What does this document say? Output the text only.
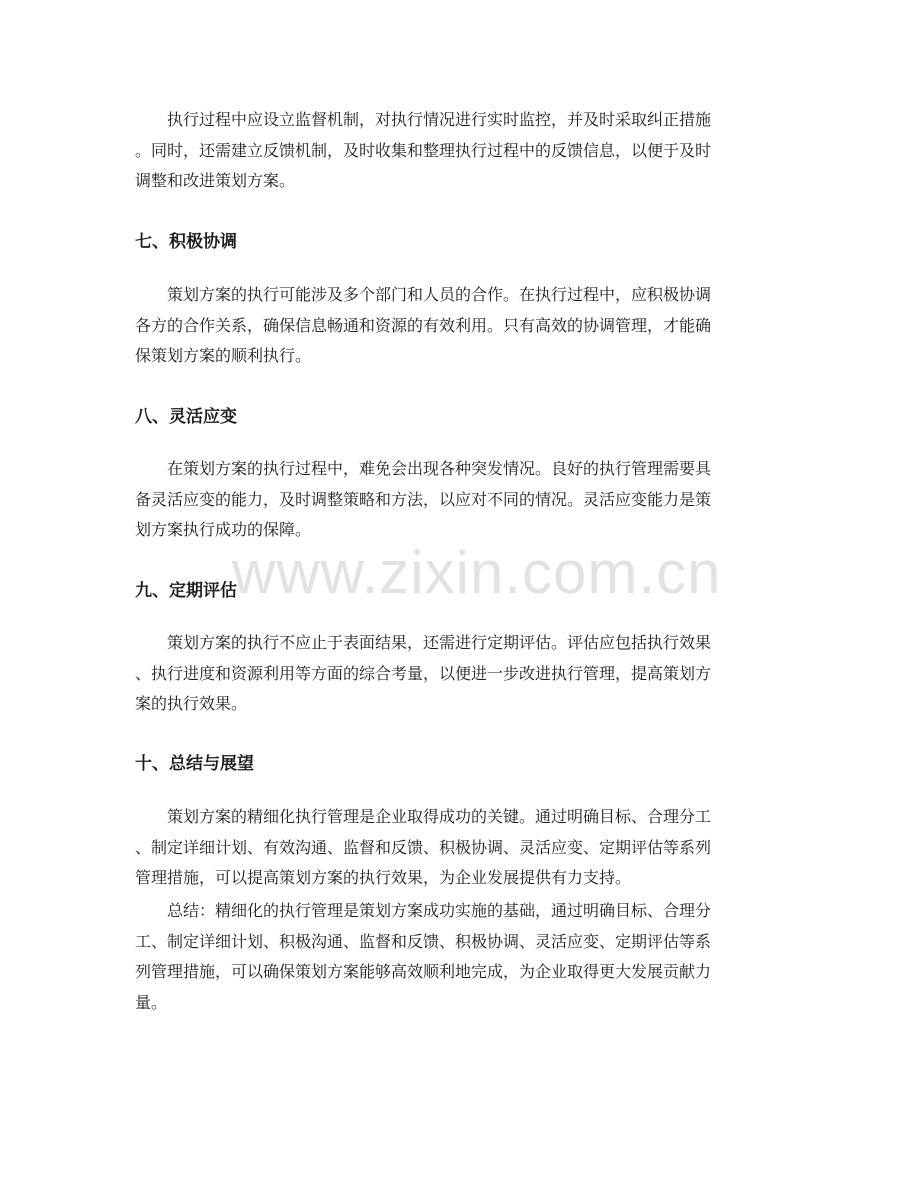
执行过程中应设立监督机制，对执行情况进行实时监控，并及时采取纠正措施
。同时，还需建立反馈机制，及时收集和整理执行过程中的反馈信息，以便于及时
调整和改进策划方案。
七、积极协调
策划方案的执行可能涉及多个部门和人员的合作。在执行过程中，应积极协调
各方的合作关系，确保信息畅通和资源的有效利用。只有高效的协调管理，才能确
保策划方案的顺利执行。
八、灵活应变
在策划方案的执行过程中，难免会出现各种突发情况。良好的执行管理需要具
备灵活应变的能力，及时调整策略和方法，以应对不同的情况。灵活应变能力是策
划方案执行成功的保障。
九、定期评估
策划方案的执行不应止于表面结果，还需进行定期评估。评估应包括执行效果
、执行进度和资源利用等方面的综合考量，以便进一步改进执行管理，提高策划方
案的执行效果。
十、总结与展望
策划方案的精细化执行管理是企业取得成功的关键。通过明确目标、合理分工
、制定详细计划、有效沟通、监督和反馈、积极协调、灵活应变、定期评估等系列
管理措施，可以提高策划方案的执行效果，为企业发展提供有力支持。
总结：精细化的执行管理是策划方案成功实施的基础，通过明确目标、合理分
工、制定详细计划、积极沟通、监督和反馈、积极协调、灵活应变、定期评估等系
列管理措施，可以确保策划方案能够高效顺利地完成，为企业取得更大发展贡献力
量。
www.zixin.com.cn
